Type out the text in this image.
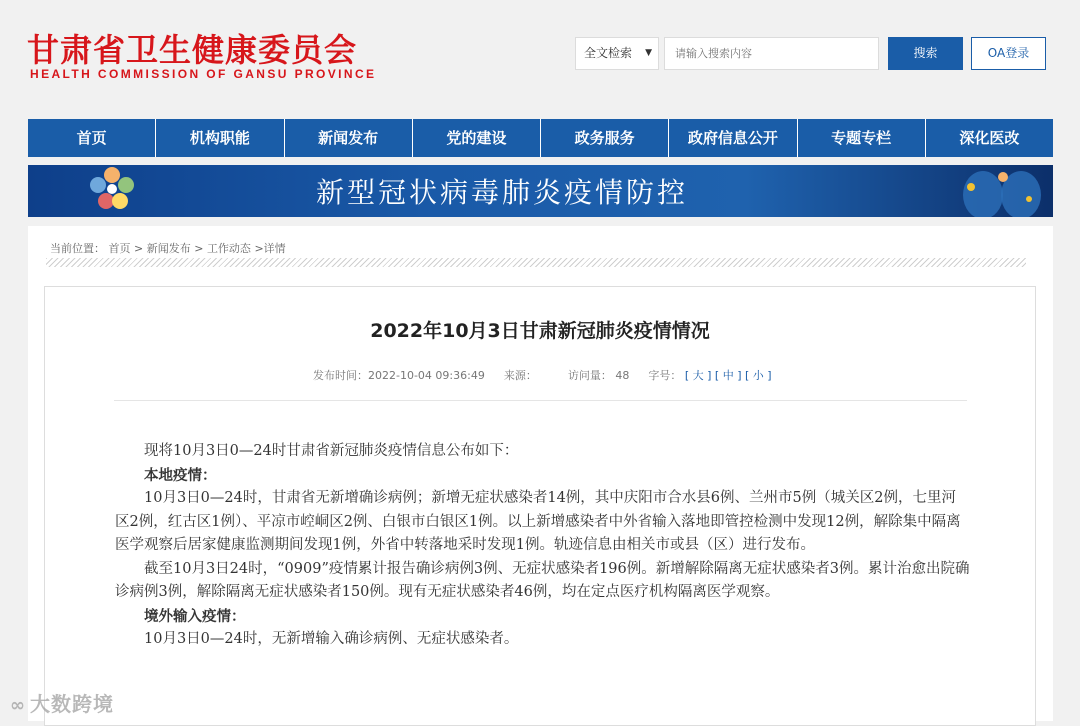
甘肃省卫生健康委员会
HEALTH COMMISSION OF GANSU PROVINCE
全文检索 ▼
请输入搜索内容	搜索	OA登录
首页	机构职能	新闻发布	党的建设	政务服务	政府信息公开	专题专栏	深化医改
新型冠状病毒肺炎疫情防控
当前位置： 首页 > 新闻发布 > 工作动态 >详情
2022年10月3日甘肃新冠肺炎疫情情况
发布时间：2022-10-04 09:36:49 来源：	访问量： 48 字号： [ 大 ] [ 中 ] [ 小 ]

现将10月3日0—24时甘肃省新冠肺炎疫情信息公布如下：

本地疫情：

10月3日0—24时，甘肃省无新增确诊病例；新增无症状感染者14例，其中庆阳市合水县6例、兰州市5例（城关区2例，七里河区2例，红古区1例）、平凉市崆峒区2例、白银市白银区1例。以上新增感染者中外省输入落地即管控检测中发现12例，解除集中隔离医学观察后居家健康监测期间发现1例，外省中转落地采时发现1例。轨迹信息由相关市或县（区）进行发布。

截至10月3日24时，“0909”疫情累计报告确诊病例3例、无症状感染者196例。新增解除隔离无症状感染者3例。累计治愈出院确诊病例3例，解除隔离无症状感染者150例。现有无症状感染者46例，均在定点医疗机构隔离医学观察。

境外输入疫情：

10月3日0—24时，无新增输入确诊病例、无症状感染者。

∞ 大数跨境
